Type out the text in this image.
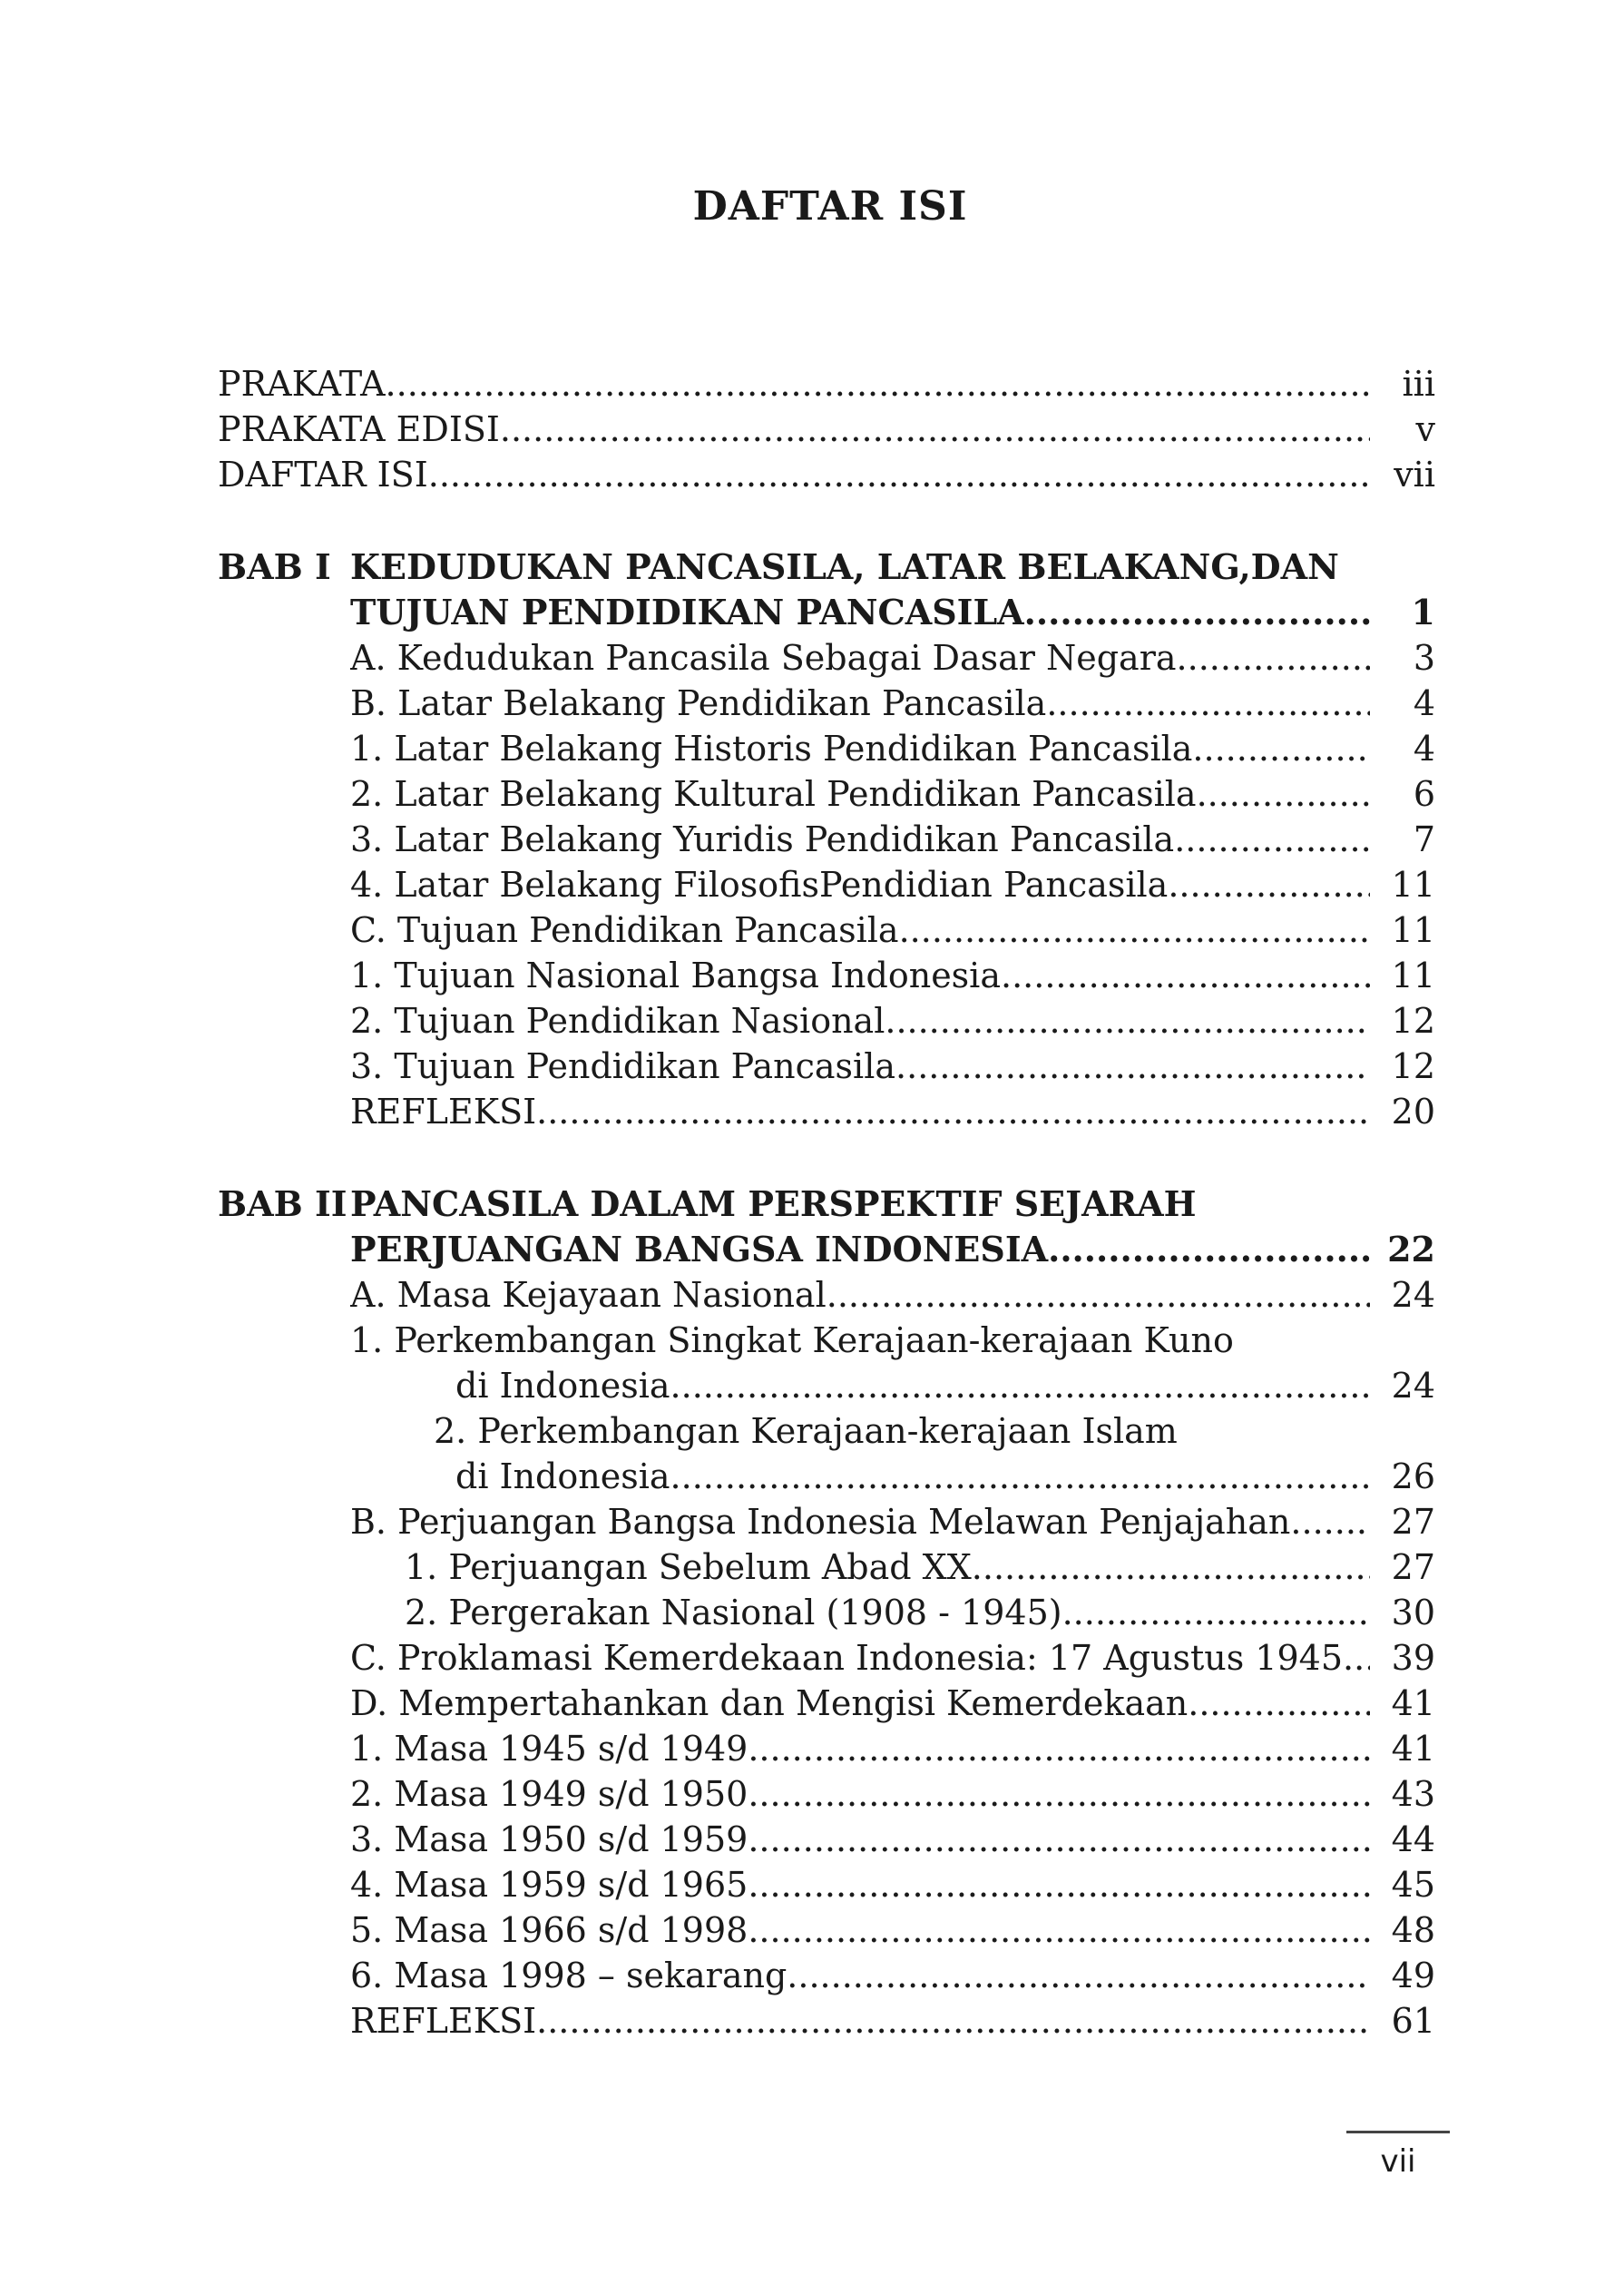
DAFTAR ISI
PRAKATA .....	iii
PRAKATA EDISI .....	v
DAFTAR ISI .....	vii
BAB I KEDUDUKAN PANCASILA, LATAR BELAKANG,DAN
TUJUAN PENDIDIKAN PANCASILA .....	1
A. Kedudukan Pancasila Sebagai Dasar Negara .....	3
B. Latar Belakang Pendidikan Pancasila .....	4
1. Latar Belakang Historis Pendidikan Pancasila .....	4
2. Latar Belakang Kultural Pendidikan Pancasila .....	6
3. Latar Belakang Yuridis Pendidikan Pancasila .....	7
4. Latar Belakang FilosofisPendidian Pancasila .....	11
C. Tujuan Pendidikan Pancasila .....	11
1. Tujuan Nasional Bangsa Indonesia .....	11
2. Tujuan Pendidikan Nasional .....	12
3. Tujuan Pendidikan Pancasila .....	12
REFLEKSI .....	20
BAB II PANCASILA DALAM PERSPEKTIF SEJARAH
PERJUANGAN BANGSA INDONESIA .....	22
A. Masa Kejayaan Nasional .....	24
1. Perkembangan Singkat Kerajaan-kerajaan Kuno
di Indonesia .....	24
2. Perkembangan Kerajaan-kerajaan Islam
di Indonesia .....	26
B. Perjuangan Bangsa Indonesia Melawan Penjajahan .....	27
1. Perjuangan Sebelum Abad XX .....	27
2. Pergerakan Nasional (1908 - 1945) .....	30
C. Proklamasi Kemerdekaan Indonesia: 17 Agustus 1945 ..... 39
D. Mempertahankan dan Mengisi Kemerdekaan .....	41
1. Masa 1945 s/d 1949 .....	41
2. Masa 1949 s/d 1950 .....	43
3. Masa 1950 s/d 1959 .....	44
4. Masa 1959 s/d 1965 .....	45
5. Masa 1966 s/d 1998 .....	48
6. Masa 1998 – sekarang .....	49
REFLEKSI .....	61
vii
